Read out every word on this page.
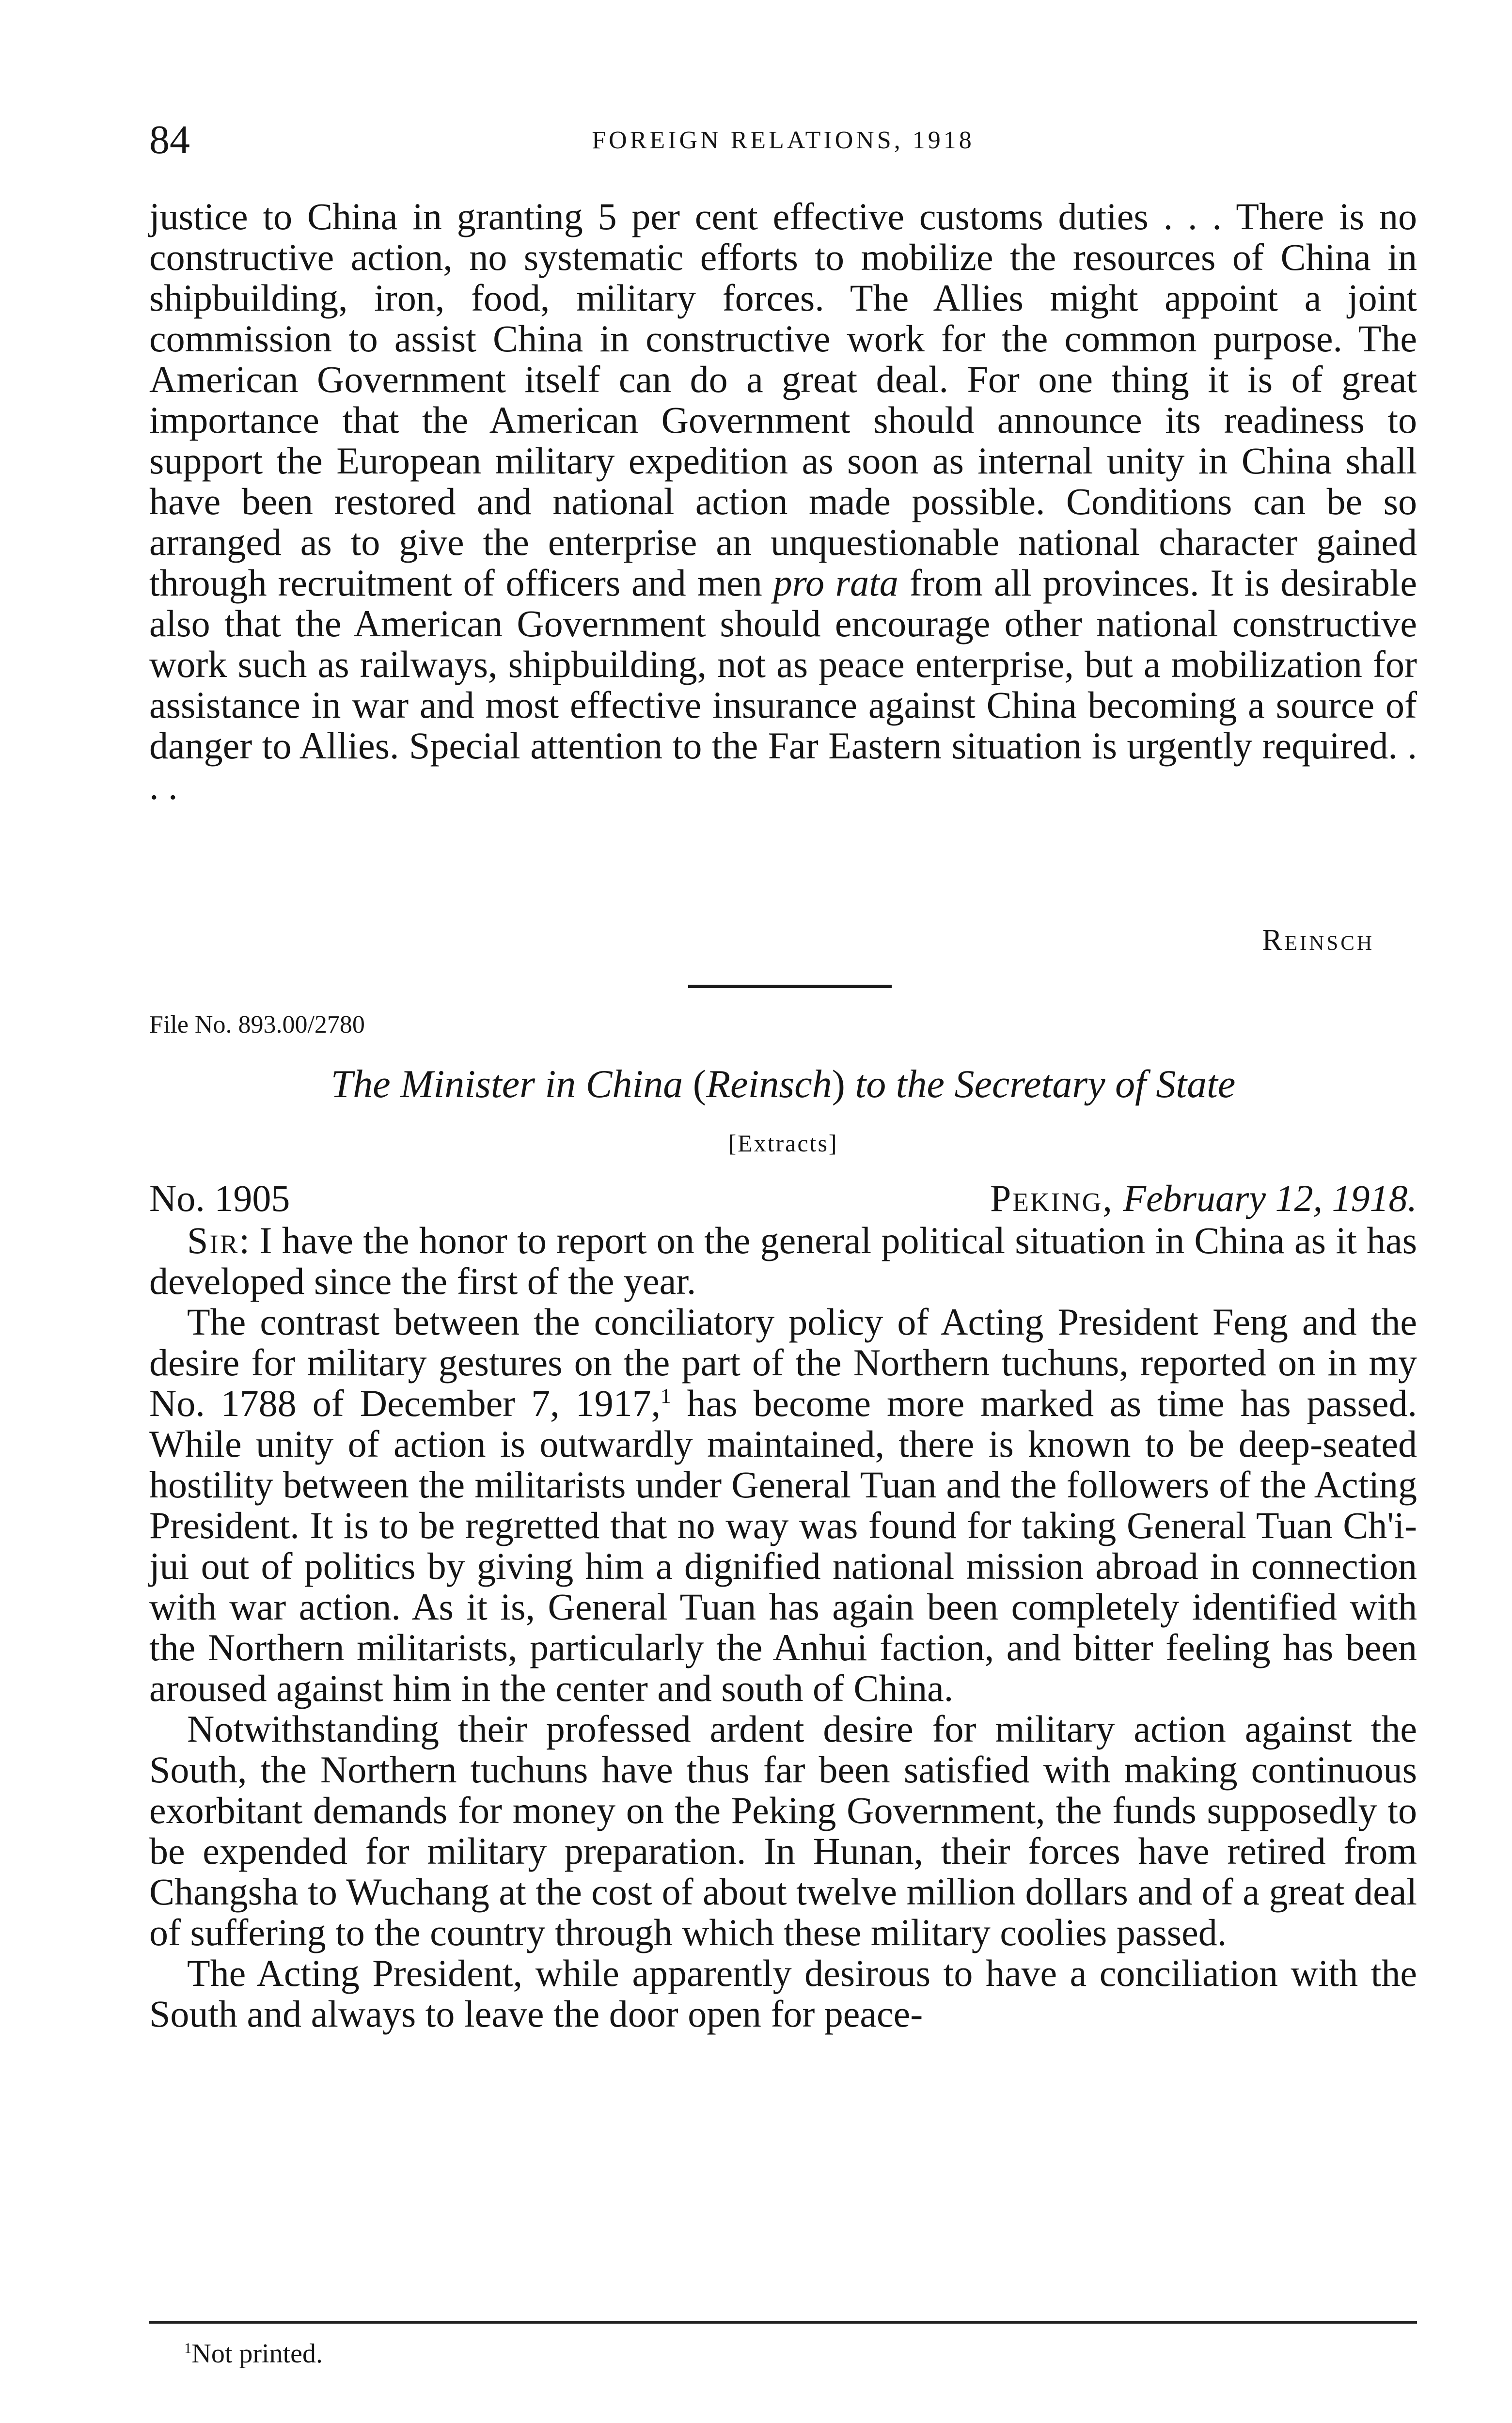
84	FOREIGN RELATIONS, 1918

justice to China in granting 5 per cent effective customs duties . . . There is no constructive action, no systematic efforts to mobilize the resources of China in shipbuilding, iron, food, military forces. The Allies might appoint a joint commission to assist China in constructive work for the common purpose. The American Government itself can do a great deal. For one thing it is of great importance that the American Government should announce its readiness to support the European military expedition as soon as internal unity in China shall have been restored and national action made possible. Conditions can be so arranged as to give the enterprise an unquestionable national character gained through recruitment of officers and men pro rata from all provinces. It is desirable also that the American Government should encourage other national constructive work such as railways, shipbuilding, not as peace enterprise, but a mobilization for assistance in war and most effective insurance against China becoming a source of danger to Allies. Special attention to the Far Eastern situation is urgently required. . . .

Reinsch
File No. 893.00/2780
The Minister in China (Reinsch) to the Secretary of State
[Extracts]
No. 1905	Peking, February 12, 1918.

Sir: I have the honor to report on the general political situation in China as it has developed since the first of the year.

The contrast between the conciliatory policy of Acting President Feng and the desire for military gestures on the part of the Northern tuchuns, reported on in my No. 1788 of December 7, 1917,$^1$ has become more marked as time has passed. While unity of action is outwardly maintained, there is known to be deep-seated hostility between the militarists under General Tuan and the followers of the Acting President. It is to be regretted that no way was found for taking General Tuan Ch'i-jui out of politics by giving him a dignified national mission abroad in connection with war action. As it is, General Tuan has again been completely identified with the Northern militarists, particularly the Anhui faction, and bitter feeling has been aroused against him in the center and south of China.

Notwithstanding their professed ardent desire for military action against the South, the Northern tuchuns have thus far been satisfied with making continuous exorbitant demands for money on the Peking Government, the funds supposedly to be expended for military preparation. In Hunan, their forces have retired from Changsha to Wuchang at the cost of about twelve million dollars and of a great deal of suffering to the country through which these military coolies passed.

The Acting President, while apparently desirous to have a conciliation with the South and always to leave the door open for peace-

$^1$Not printed.
